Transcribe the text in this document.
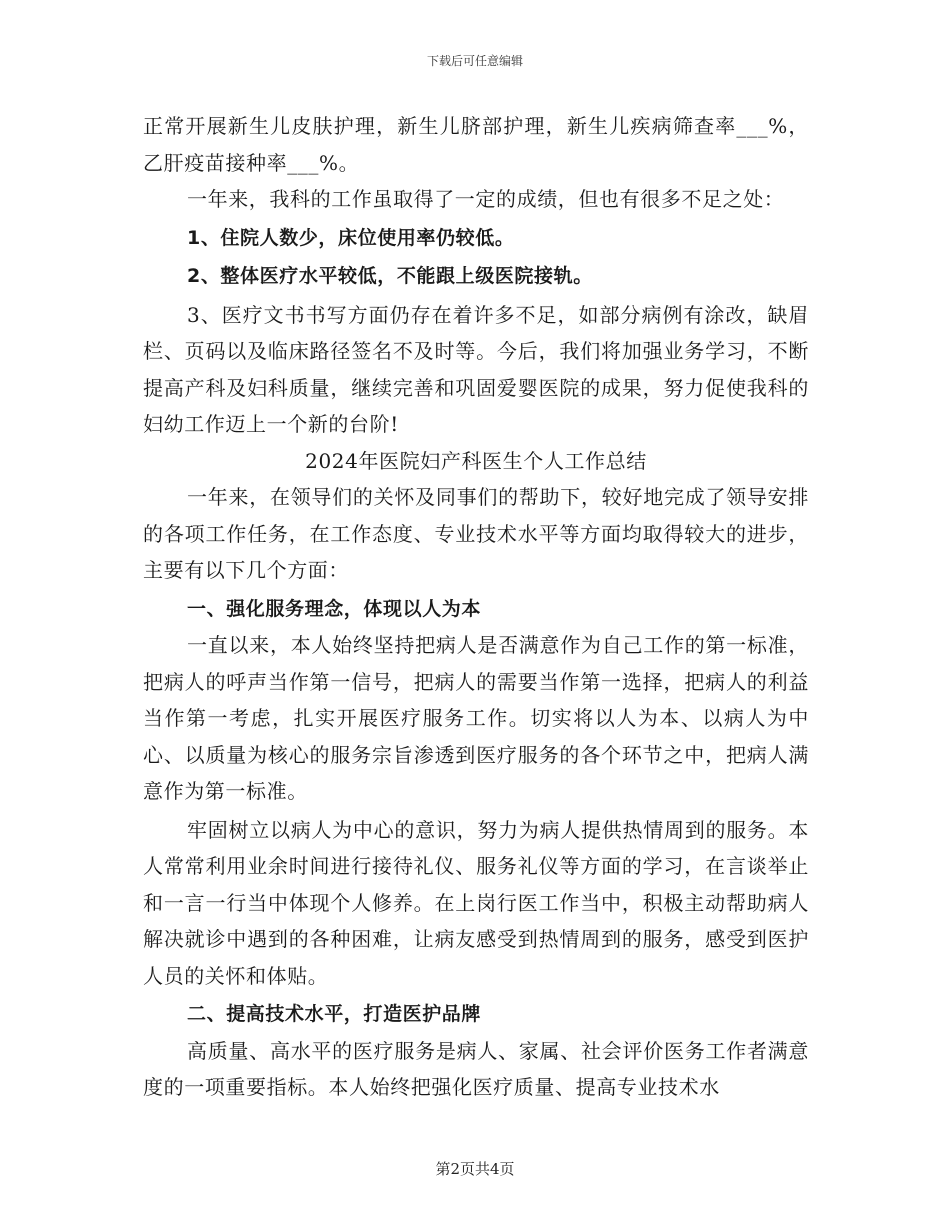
下载后可任意编辑

正常开展新生儿皮肤护理，新生儿脐部护理，新生儿疾病筛查率___%，乙肝疫苗接种率___%。

一年来，我科的工作虽取得了一定的成绩，但也有很多不足之处：

1、住院人数少，床位使用率仍较低。

2、整体医疗水平较低，不能跟上级医院接轨。

3、医疗文书书写方面仍存在着许多不足，如部分病例有涂改，缺眉栏、页码以及临床路径签名不及时等。今后，我们将加强业务学习，不断提高产科及妇科质量，继续完善和巩固爱婴医院的成果，努力促使我科的妇幼工作迈上一个新的台阶!

2024年医院妇产科医生个人工作总结

一年来，在领导们的关怀及同事们的帮助下，较好地完成了领导安排的各项工作任务，在工作态度、专业技术水平等方面均取得较大的进步，主要有以下几个方面：

一、强化服务理念，体现以人为本

一直以来，本人始终坚持把病人是否满意作为自己工作的第一标准，把病人的呼声当作第一信号，把病人的需要当作第一选择，把病人的利益当作第一考虑，扎实开展医疗服务工作。切实将以人为本、以病人为中心、以质量为核心的服务宗旨渗透到医疗服务的各个环节之中，把病人满意作为第一标准。

牢固树立以病人为中心的意识，努力为病人提供热情周到的服务。本人常常利用业余时间进行接待礼仪、服务礼仪等方面的学习，在言谈举止和一言一行当中体现个人修养。在上岗行医工作当中，积极主动帮助病人解决就诊中遇到的各种困难，让病友感受到热情周到的服务，感受到医护人员的关怀和体贴。

二、提高技术水平，打造医护品牌

高质量、高水平的医疗服务是病人、家属、社会评价医务工作者满意度的一项重要指标。本人始终把强化医疗质量、提高专业技术水

第2页共4页
